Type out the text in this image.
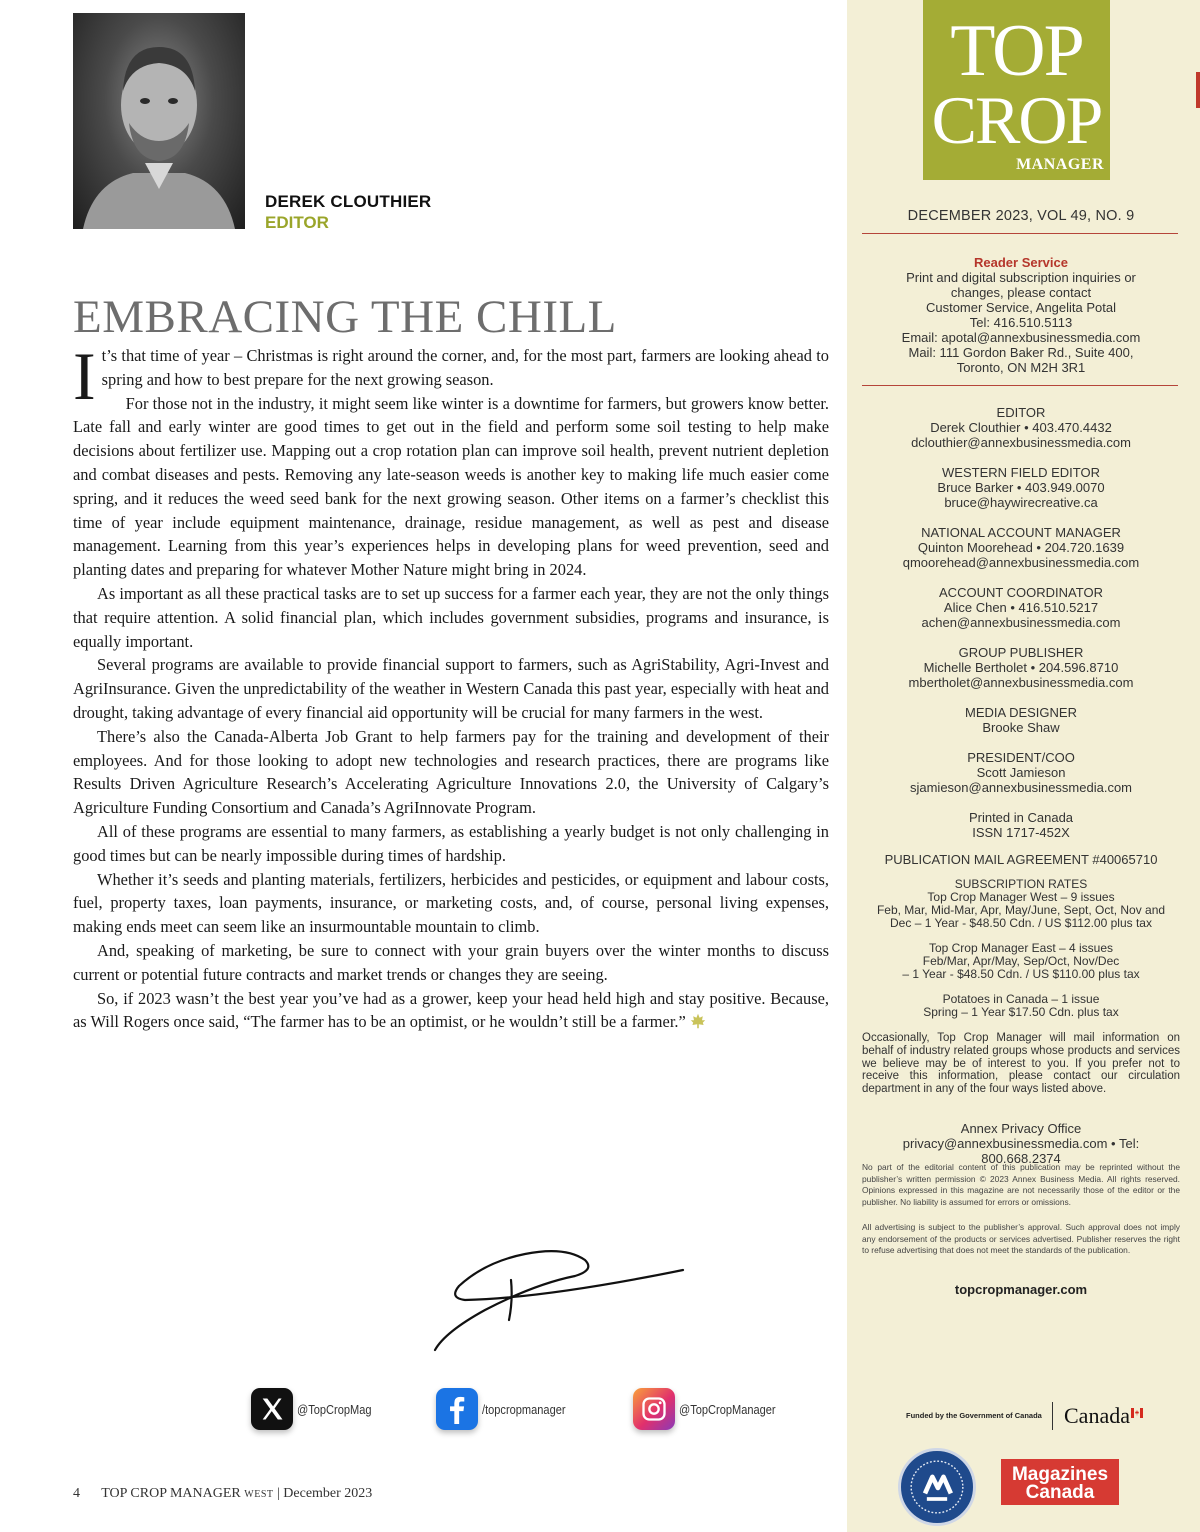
DEREK CLOUTHIER
EDITOR
EMBRACING THE CHILL

It’s that time of year – Christmas is right around the corner, and, for the most part, farmers are looking ahead to spring and how to best prepare for the next growing season.

For those not in the industry, it might seem like winter is a downtime for farmers, but growers know better. Late fall and early winter are good times to get out in the field and perform some soil testing to help make decisions about fertilizer use. Mapping out a crop rotation plan can improve soil health, prevent nutrient depletion and combat diseases and pests. Removing any late-season weeds is another key to making life much easier come spring, and it reduces the weed seed bank for the next growing season. Other items on a farmer’s checklist this time of year include equipment maintenance, drainage, residue management, as well as pest and disease management. Learning from this year’s experiences helps in developing plans for weed prevention, seed and planting dates and preparing for whatever Mother Nature might bring in 2024.

As important as all these practical tasks are to set up success for a farmer each year, they are not the only things that require attention. A solid financial plan, which includes government subsidies, programs and insurance, is equally important.

Several programs are available to provide financial support to farmers, such as AgriStability, Agri-Invest and AgriInsurance. Given the unpredictability of the weather in Western Canada this past year, especially with heat and drought, taking advantage of every financial aid opportunity will be crucial for many farmers in the west.

There’s also the Canada-Alberta Job Grant to help farmers pay for the training and development of their employees. And for those looking to adopt new technologies and research practices, there are programs like Results Driven Agriculture Research’s Accelerating Agriculture Innovations 2.0, the University of Calgary’s Agriculture Funding Consortium and Canada’s AgriInnovate Program.

All of these programs are essential to many farmers, as establishing a yearly budget is not only challenging in good times but can be nearly impossible during times of hardship.

Whether it’s seeds and planting materials, fertilizers, herbicides and pesticides, or equipment and labour costs, fuel, property taxes, loan payments, insurance, or marketing costs, and, of course, personal living expenses, making ends meet can seem like an insurmountable mountain to climb.

And, speaking of marketing, be sure to connect with your grain buyers over the winter months to discuss current or potential future contracts and market trends or changes they are seeing.

So, if 2023 wasn’t the best year you’ve had as a grower, keep your head held high and stay positive. Because, as Will Rogers once said, “The farmer has to be an optimist, or he wouldn’t still be a farmer.”

@TopCropMag	/topcropmanager	@TopCropManager
4 TOP CROP MANAGER WEST | December 2023
TOP
CROP
MANAGER
DECEMBER 2023, VOL 49, NO. 9
Reader Service
Print and digital subscription inquiries or
changes, please contact
Customer Service, Angelita Potal
Tel: 416.510.5113
Email: apotal@annexbusinessmedia.com
Mail: 111 Gordon Baker Rd., Suite 400,
Toronto, ON M2H 3R1
EDITOR
Derek Clouthier • 403.470.4432
dclouthier@annexbusinessmedia.com
WESTERN FIELD EDITOR
Bruce Barker • 403.949.0070
bruce@haywirecreative.ca
NATIONAL ACCOUNT MANAGER
Quinton Moorehead • 204.720.1639
qmoorehead@annexbusinessmedia.com
ACCOUNT COORDINATOR
Alice Chen • 416.510.5217
achen@annexbusinessmedia.com
GROUP PUBLISHER
Michelle Bertholet • 204.596.8710
mbertholet@annexbusinessmedia.com
MEDIA DESIGNER
Brooke Shaw
PRESIDENT/COO
Scott Jamieson
sjamieson@annexbusinessmedia.com
Printed in Canada
ISSN 1717-452X
PUBLICATION MAIL AGREEMENT #40065710
SUBSCRIPTION RATES
Top Crop Manager West – 9 issues
Feb, Mar, Mid-Mar, Apr, May/June, Sept, Oct, Nov and
Dec – 1 Year - $48.50 Cdn. / US $112.00 plus tax
Top Crop Manager East – 4 issues
Feb/Mar, Apr/May, Sep/Oct, Nov/Dec
– 1 Year - $48.50 Cdn. / US $110.00 plus tax
Potatoes in Canada – 1 issue
Spring – 1 Year $17.50 Cdn. plus tax
Occasionally, Top Crop Manager will mail information on behalf of industry related groups whose products and services we believe may be of interest to you. If you prefer not to receive this information, please contact our circulation department in any of the four ways listed above.
Annex Privacy Office
privacy@annexbusinessmedia.com • Tel: 800.668.2374
No part of the editorial content of this publication may be reprinted without the publisher’s written permission © 2023 Annex Business Media. All rights reserved. Opinions expressed in this magazine are not necessarily those of the editor or the publisher. No liability is assumed for errors or omissions.
All advertising is subject to the publisher’s approval. Such approval does not imply any endorsement of the products or services advertised. Publisher reserves the right to refuse advertising that does not meet the standards of the publication.
topcropmanager.com
Funded by the Government of Canada Canada
Magazines
Canada
